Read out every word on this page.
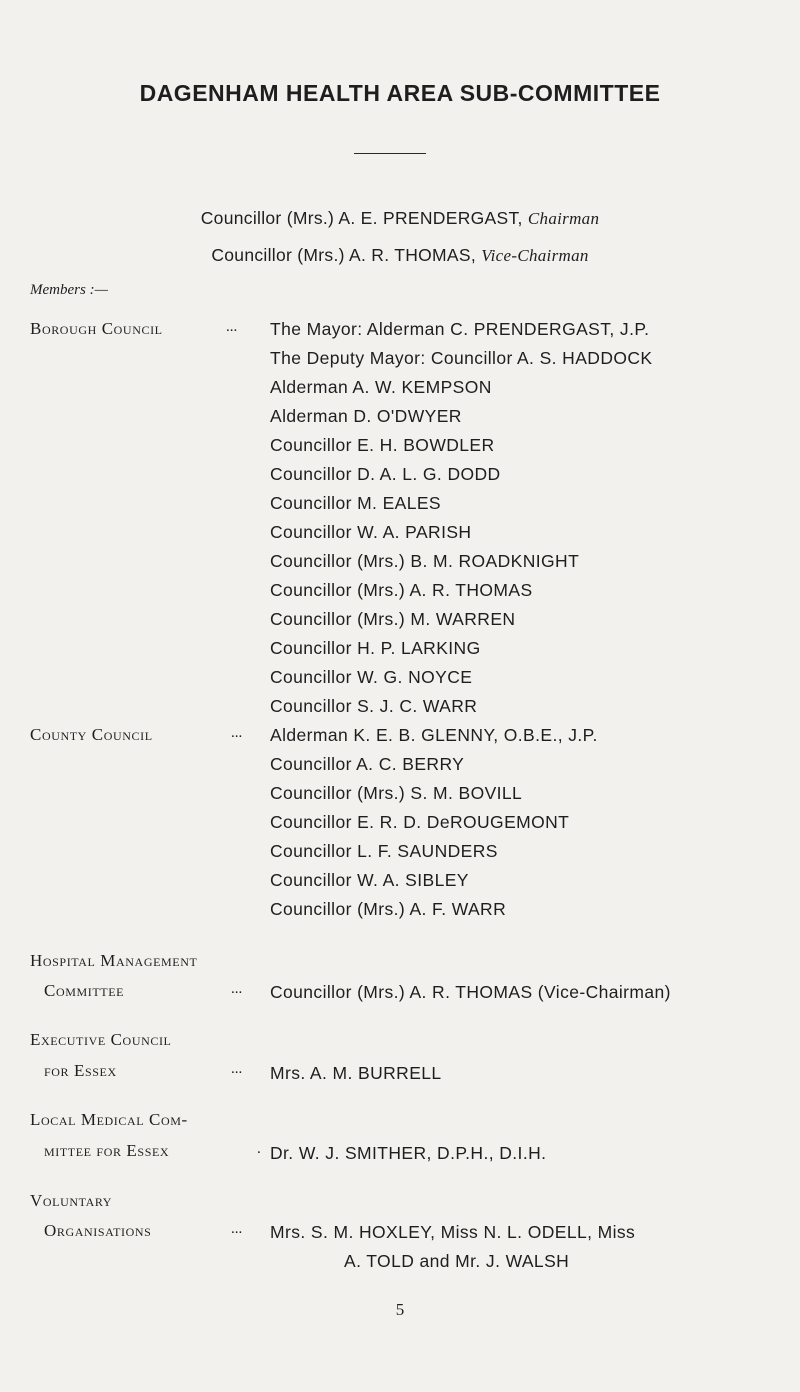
DAGENHAM HEALTH AREA SUB-COMMITTEE
Councillor (Mrs.) A. E. PRENDERGAST, Chairman
Councillor (Mrs.) A. R. THOMAS, Vice-Chairman
Members :—
Borough Council	... The Mayor: Alderman C. PRENDERGAST, J.P.
The Deputy Mayor: Councillor A. S. HADDOCK
Alderman A. W. KEMPSON
Alderman D. O'DWYER
Councillor E. H. BOWDLER
Councillor D. A. L. G. DODD
Councillor M. EALES
Councillor W. A. PARISH
Councillor (Mrs.) B. M. ROADKNIGHT
Councillor (Mrs.) A. R. THOMAS
Councillor (Mrs.) M. WARREN
Councillor H. P. LARKING
Councillor W. G. NOYCE
Councillor S. J. C. WARR
County Council	... Alderman K. E. B. GLENNY, O.B.E., J.P.
Councillor A. C. BERRY
Councillor (Mrs.) S. M. BOVILL
Councillor E. R. D. DeROUGEMONT
Councillor L. F. SAUNDERS
Councillor W. A. SIBLEY
Councillor (Mrs.) A. F. WARR
Hospital Management
Committee	... Councillor (Mrs.) A. R. THOMAS (Vice-Chairman)
Executive Council
for Essex	... Mrs. A. M. BURRELL
Local Medical Com-
mittee for Essex	. Dr. W. J. SMITHER, D.P.H., D.I.H.
Voluntary
Organisations	... Mrs. S. M. HOXLEY, Miss N. L. ODELL, Miss
A. TOLD and Mr. J. WALSH
5
